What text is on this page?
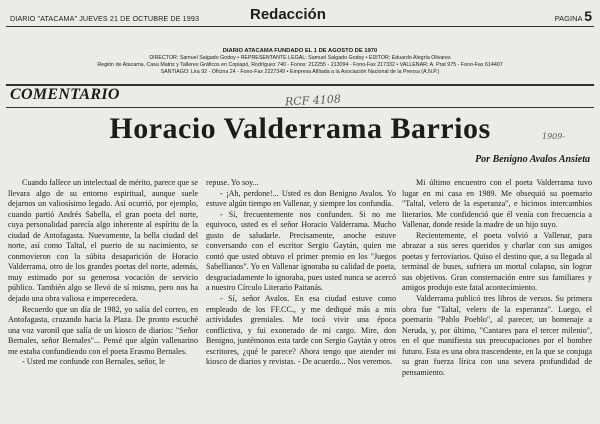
DIARIO "ATACAMA" JUEVES 21 DE OCTUBRE DE 1993	Redacción	PAGINA 5
DIARIO ATACAMA FUNDADO EL 1 DE AGOSTO DE 1970
DIRECTOR: Samuel Salgado Godoy • REPRESENTANTE LEGAL: Samuel Salgado Godoy • EDITOR: Eduardo Alegría Olivares
Región de Atacama, Casa Matriz y Talleres Gráficos en Copiapó, Rodríguez 740 - Fonos: 212255 - 213094 - Fono-Fax 217332 • VALLENAR: A. Prat 975 - Fono-Fax 614407
SANTIAGO: Lira 92 - Oficina 24 - Fono-Fax 2227349 • Empresa Afiliada a la Asociación Nacional de la Prensa (A.N.P.)
COMENTARIO	RCF 4108
Horacio Valderrama Barrios	1909-
Por Benigno Avalos Ansieta

Cuando fallece un intelectual de mérito, parece que se llevara algo de su entorno espiritual, aunque suele dejarnos un valiosísimo legado. Así ocurrió, por ejemplo, cuando partió Andrés Sabella, el gran poeta del norte, cuya personalidad parecía algo inherente al espíritu de la ciudad de Antofagasta. Nuevamente, la bella ciudad del norte, así como Taltal, el puerto de su nacimiento, se conmovieron con la súbita desaparición de Horacio Valderrama, otro de los grandes poetas del norte, además, muy estimado por su generosa vocación de servicio público. También algo se llevó de sí mismo, pero nos ha dejado una obra valiosa e imperecedera.

Recuerdo que un día de 1982, yo salía del correo, en Antofagasta, cruzando hacia la Plaza. De pronto escuché una voz varonil que salía de un kiosco de diarios: "Señor Bernales, señor Bernales"... Pensé que algún vallenarino me estaba confundiendo con el poeta Erasmo Bernales.

- Usted me confunde con Bernales, señor, le

repuse. Yo soy...

- ¡Ah, perdone!... Usted es don Benigno Avalos. Yo estuve algún tiempo en Vallenar, y siempre los confundía.

- Sí, frecuentemente nos confunden. Si no me equivoco, usted es el señor Horacio Valderrama. Mucho gusto de saludarle. Precisamente, anoche estuve conversando con el escritor Sergio Gaytán, quien me contó que usted obtuvo el primer premio en los "Juegos Sabellianos". Yo en Vallenar ignoraba su calidad de poeta, desgraciadamente lo ignoraba, pues usted nunca se acercó a nuestro Círculo Literario Paitanás.

- Sí, señor Avalos. En esa ciudad estuve como empleado de los FF.CC., y me dediqué más a mis actividades gremiales. Me tocó vivir una época conflictiva, y fui exonerado de mi cargo. Mire, don Benigno, juntémonos esta tarde con Sergio Gaytán y otros escritores, ¿qué le parece? Ahora tengo que atender mi kiosco de diarios y revistas. - De acuerdo... Nos veremos.

Mi último encuentro con el poeta Valderrama tuvo lugar en mi casa en 1989. Me obsequió su poemario "Taltal, velero de la esperanza", e hicimos intercambios literarios. Me confidenció que él venía con frecuencia a Vallenar, donde reside la madre de un hijo suyo.

Recientemente, el poeta volvió a Vallenar, para abrazar a sus seres queridos y charlar con sus amigos poetas y ferroviarios. Quiso el destino que, a su llegada al terminal de buses, sufriera un mortal colapso, sin lograr sus objetivos. Gran consternación entre sus familiares y amigos produjo este fatal acontecimiento.

Valderrama publicó tres libros de versos. Su primera obra fue "Taltal, velero de la esperanza". Luego, el poemario "Pablo Poeblo", al parecer, un homenaje a Neruda, y, por último, "Cantares para el tercer milenio", en el que manifiesta sus preocupaciones por el hombre futuro. Esta es una obra trascendente, en la que se conjuga su gran fuerza lírica con una severa profundidad de pensamiento.
